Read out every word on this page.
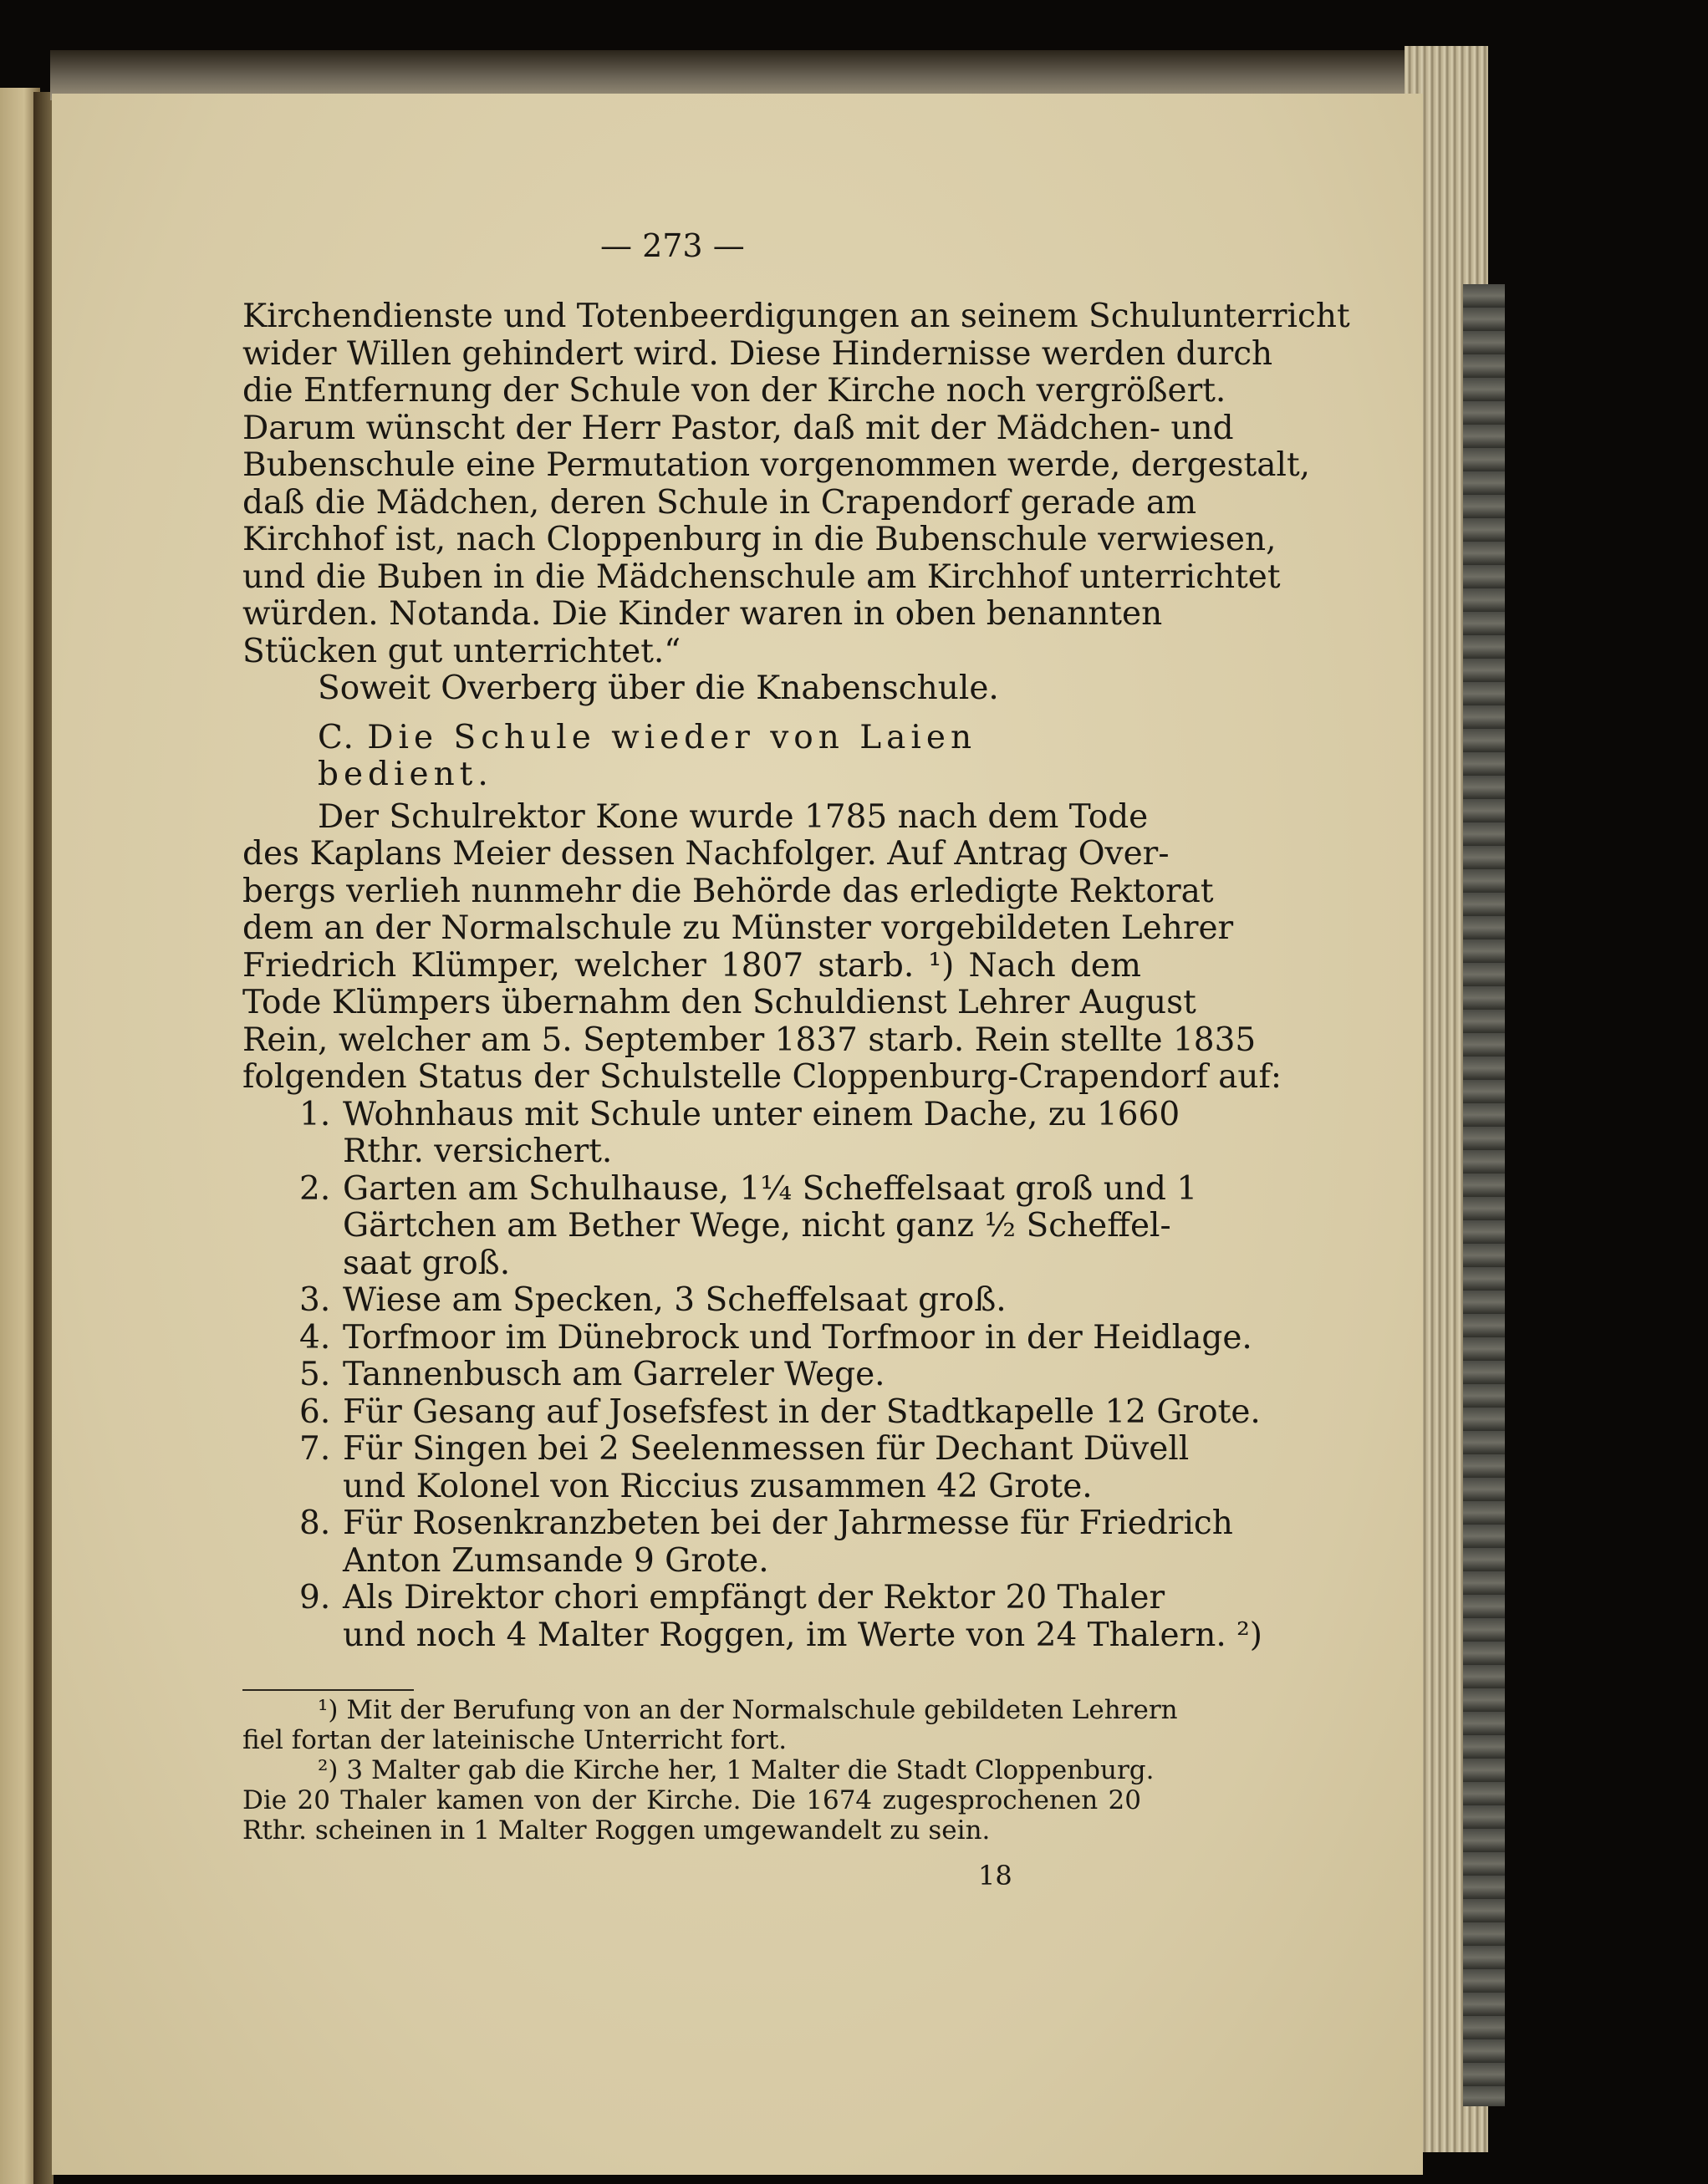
— 273 —

Kirchendienste und Totenbeerdigungen an seinem Schulunterricht
wider Willen gehindert wird. Diese Hindernisse werden durch
die Entfernung der Schule von der Kirche noch vergrößert.
Darum wünscht der Herr Pastor, daß mit der Mädchen- und
Bubenschule eine Permutation vorgenommen werde, dergestalt,
daß die Mädchen, deren Schule in Crapendorf gerade am
Kirchhof ist, nach Cloppenburg in die Bubenschule verwiesen,
und die Buben in die Mädchenschule am Kirchhof unterrichtet
würden. Notanda. Die Kinder waren in oben benannten
Stücken gut unterrichtet.“

Soweit Overberg über die Knabenschule.

C. Die Schule wieder von Laien bedient.

Der Schulrektor Kone wurde 1785 nach dem Tode
des Kaplans Meier dessen Nachfolger. Auf Antrag Over-
bergs verlieh nunmehr die Behörde das erledigte Rektorat
dem an der Normalschule zu Münster vorgebildeten Lehrer
Friedrich Klümper, welcher 1807 starb. ¹) Nach dem
Tode Klümpers übernahm den Schuldienst Lehrer August
Rein, welcher am 5. September 1837 starb. Rein stellte 1835
folgenden Status der Schulstelle Cloppenburg-Crapendorf auf:

1. Wohnhaus mit Schule unter einem Dache, zu 1660
Rthr. versichert.
2. Garten am Schulhause, 1¼ Scheffelsaat groß und 1
Gärtchen am Bether Wege, nicht ganz ½ Scheffel-
saat groß.
3. Wiese am Specken, 3 Scheffelsaat groß.
4. Torfmoor im Dünebrock und Torfmoor in der Heidlage.
5. Tannenbusch am Garreler Wege.
6. Für Gesang auf Josefsfest in der Stadtkapelle 12 Grote.
7. Für Singen bei 2 Seelenmessen für Dechant Düvell
und Kolonel von Riccius zusammen 42 Grote.
8. Für Rosenkranzbeten bei der Jahrmesse für Friedrich
Anton Zumsande 9 Grote.
9. Als Direktor chori empfängt der Rektor 20 Thaler
und noch 4 Malter Roggen, im Werte von 24 Thalern. ²)
¹) Mit der Berufung von an der Normalschule gebildeten Lehrern
fiel fortan der lateinische Unterricht fort.
²) 3 Malter gab die Kirche her, 1 Malter die Stadt Cloppenburg.
Die 20 Thaler kamen von der Kirche. Die 1674 zugesprochenen 20
Rthr. scheinen in 1 Malter Roggen umgewandelt zu sein.
18
